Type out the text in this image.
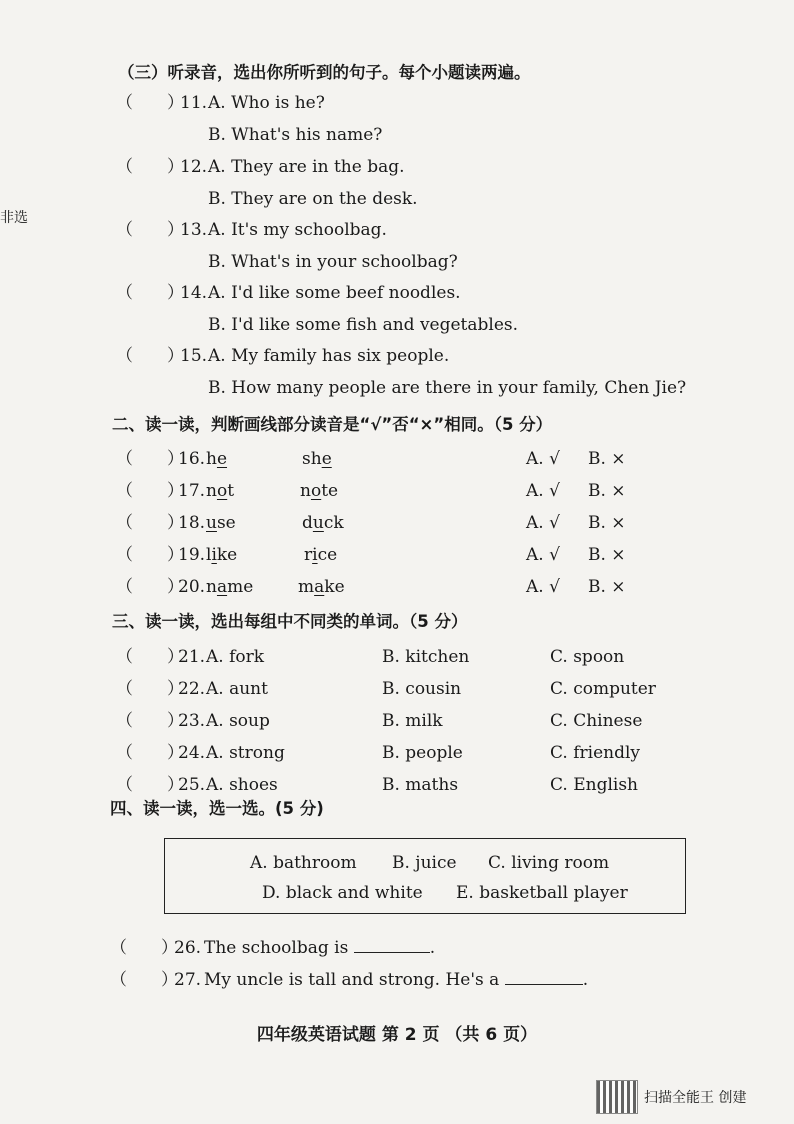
非选
（三）听录音，选出你所听到的句子。每个小题读两遍。
（　　）
11. A. Who is he?
B. What's his name?
（　　）
12. A. They are in the bag.
B. They are on the desk.
（　　）
13. A. It's my schoolbag.
B. What's in your schoolbag?
（　　）
14. A. I'd like some beef noodles.
B. I'd like some fish and vegetables.
（　　）
15. A. My family has six people.
B. How many people are there in your family, Chen Jie?
二、读一读，判断画线部分读音是“√”否“×”相同。（5 分）
（　　）
16. he	she	A. √ B. ×
（　　）
17. not	note	A. √ B. ×
（　　）
18. use	duck	A. √ B. ×
（　　）
19. like	rice	A. √ B. ×
（　　）
20. name	make	A. √ B. ×
三、读一读，选出每组中不同类的单词。（5 分）
（　　）
21. A. fork	B. kitchen	C. spoon
（　　）
22. A. aunt	B. cousin	C. computer
（　　）
23. A. soup	B. milk	C. Chinese
（　　）
24. A. strong	B. people	C. friendly
（　　）
25. A. shoes	B. maths	C. English
四、读一读，选一选。(5 分)
A. bathroom B. juice C. living room
D. black and white E. basketball player
（　　）
26. The schoolbag is	.
（　　）
27. My uncle is tall and strong. He's a	.
四年级英语试题 第 2 页 （共 6 页）
扫描全能王 创建
